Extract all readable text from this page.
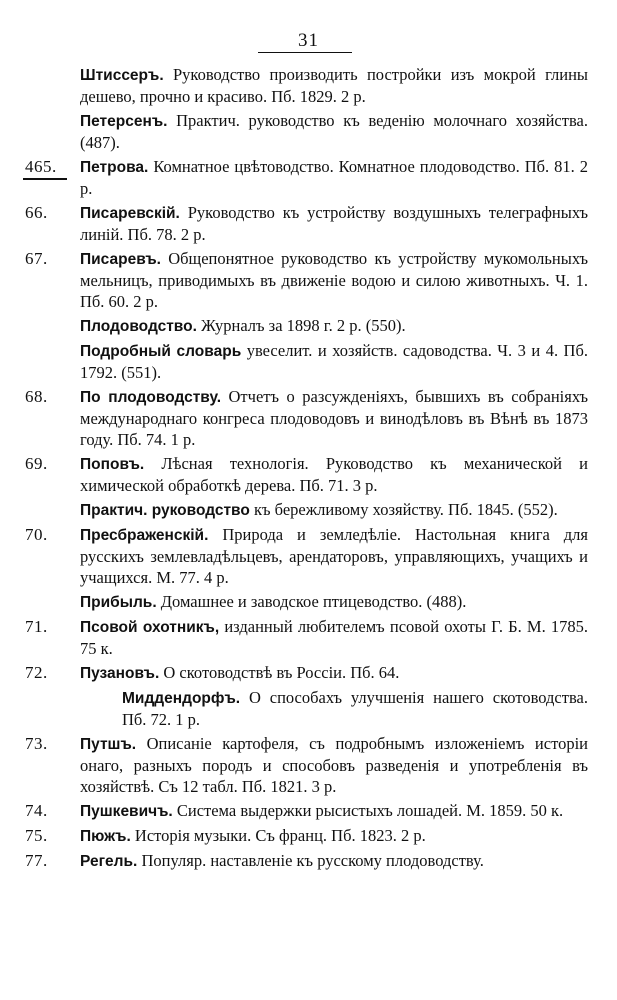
31
Штиссеръ. Руководство производить постройки изъ мокрой глины дешево, прочно и красиво. Пб. 1829. 2 р.
Петерсенъ. Практич. руководство къ веденію молочнаго хозяйства. (487).
465.	Петрова. Комнатное цвѣтоводство. Комнатное плодоводство. Пб. 81. 2 р.
66.	Писаревскій. Руководство къ устройству воздушныхъ телеграфныхъ линій. Пб. 78. 2 р.
67.	Писаревъ. Общепонятное руководство къ устройству мукомольныхъ мельницъ, приводимыхъ въ движеніе водою и силою животныхъ. Ч. 1. Пб. 60. 2 р.
Плодоводство. Журналъ за 1898 г. 2 р. (550).
Подробный словарь увеселит. и хозяйств. садоводства. Ч. 3 и 4. Пб. 1792. (551).
68.	По плодоводству. Отчетъ о разсужденіяхъ, бывшихъ въ собраніяхъ международнаго конгреса плодоводовъ и винодѣловъ въ Вѣнѣ въ 1873 году. Пб. 74. 1 р.
69.	Поповъ. Лѣсная технологія. Руководство къ механической и химической обработкѣ дерева. Пб. 71. 3 р.
Практич. руководство къ бережливому хозяйству. Пб. 1845. (552).
70.	Пресбраженскій. Природа и земледѣліе. Настольная книга для русскихъ землевладѣльцевъ, арендаторовъ, управляющихъ, учащихъ и учащихся. М. 77. 4 р.
Прибыль. Домашнее и заводское птицеводство. (488).
71.	Псовой охотникъ, изданный любителемъ псовой охоты Г. Б. М. 1785. 75 к.
72.	Пузановъ. О скотоводствѣ въ Россіи. Пб. 64.
Миддендорфъ. О способахъ улучшенія нашего скотоводства. Пб. 72. 1 р.
73.	Путшъ. Описаніе картофеля, съ подробнымъ изложеніемъ исторіи онаго, разныхъ породъ и способовъ разведенія и употребленія въ хозяйствѣ. Съ 12 табл. Пб. 1821. 3 р.
74.	Пушкевичъ. Система выдержки рысистыхъ лошадей. М. 1859. 50 к.
75.	Пюжъ. Исторія музыки. Съ франц. Пб. 1823. 2 р.
77.	Регель. Популяр. наставленіе къ русскому плодоводству.
